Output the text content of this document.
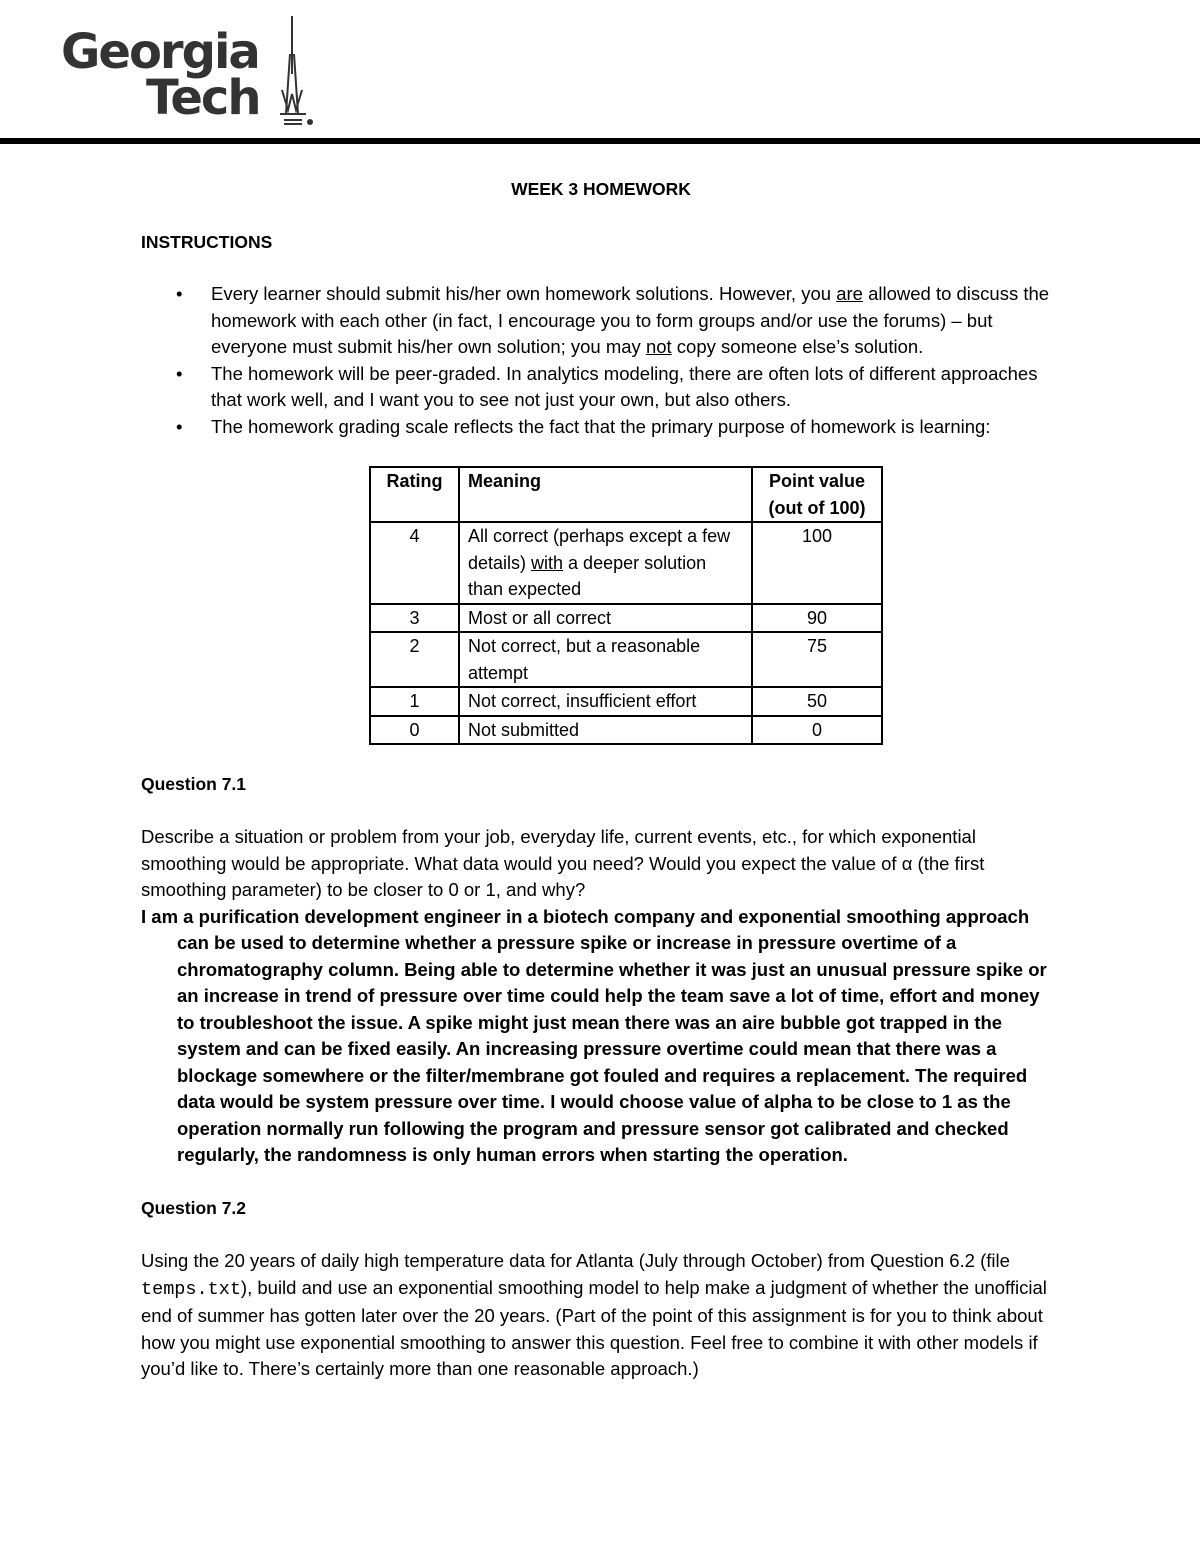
Georgia
Tech
WEEK 3 HOMEWORK
INSTRUCTIONS
• Every learner should submit his/her own homework solutions. However, you are allowed to discuss the homework with each other (in fact, I encourage you to form groups and/or use the forums) – but everyone must submit his/her own solution; you may not copy someone else’s solution.
• The homework will be peer-graded. In analytics modeling, there are often lots of different approaches that work well, and I want you to see not just your own, but also others.
• The homework grading scale reflects the fact that the primary purpose of homework is learning:
Rating	Meaning	Point value
(out of 100)
4	All correct (perhaps except a few details) with a deeper solution than expected	100
3	Most or all correct	90
2	Not correct, but a reasonable attempt	75
1	Not correct, insufficient effort	50
0	Not submitted	0
Question 7.1

Describe a situation or problem from your job, everyday life, current events, etc., for which exponential smoothing would be appropriate. What data would you need? Would you expect the value of α (the first smoothing parameter) to be closer to 0 or 1, and why?

I am a purification development engineer in a biotech company and exponential smoothing approach can be used to determine whether a pressure spike or increase in pressure overtime of a chromatography column. Being able to determine whether it was just an unusual pressure spike or an increase in trend of pressure over time could help the team save a lot of time, effort and money to troubleshoot the issue. A spike might just mean there was an aire bubble got trapped in the system and can be fixed easily. An increasing pressure overtime could mean that there was a blockage somewhere or the filter/membrane got fouled and requires a replacement. The required data would be system pressure over time. I would choose value of alpha to be close to 1 as the operation normally run following the program and pressure sensor got calibrated and checked regularly, the randomness is only human errors when starting the operation.

Question 7.2

Using the 20 years of daily high temperature data for Atlanta (July through October) from Question 6.2 (file temps.txt), build and use an exponential smoothing model to help make a judgment of whether the unofficial end of summer has gotten later over the 20 years. (Part of the point of this assignment is for you to think about how you might use exponential smoothing to answer this question. Feel free to combine it with other models if you’d like to. There’s certainly more than one reasonable approach.)
